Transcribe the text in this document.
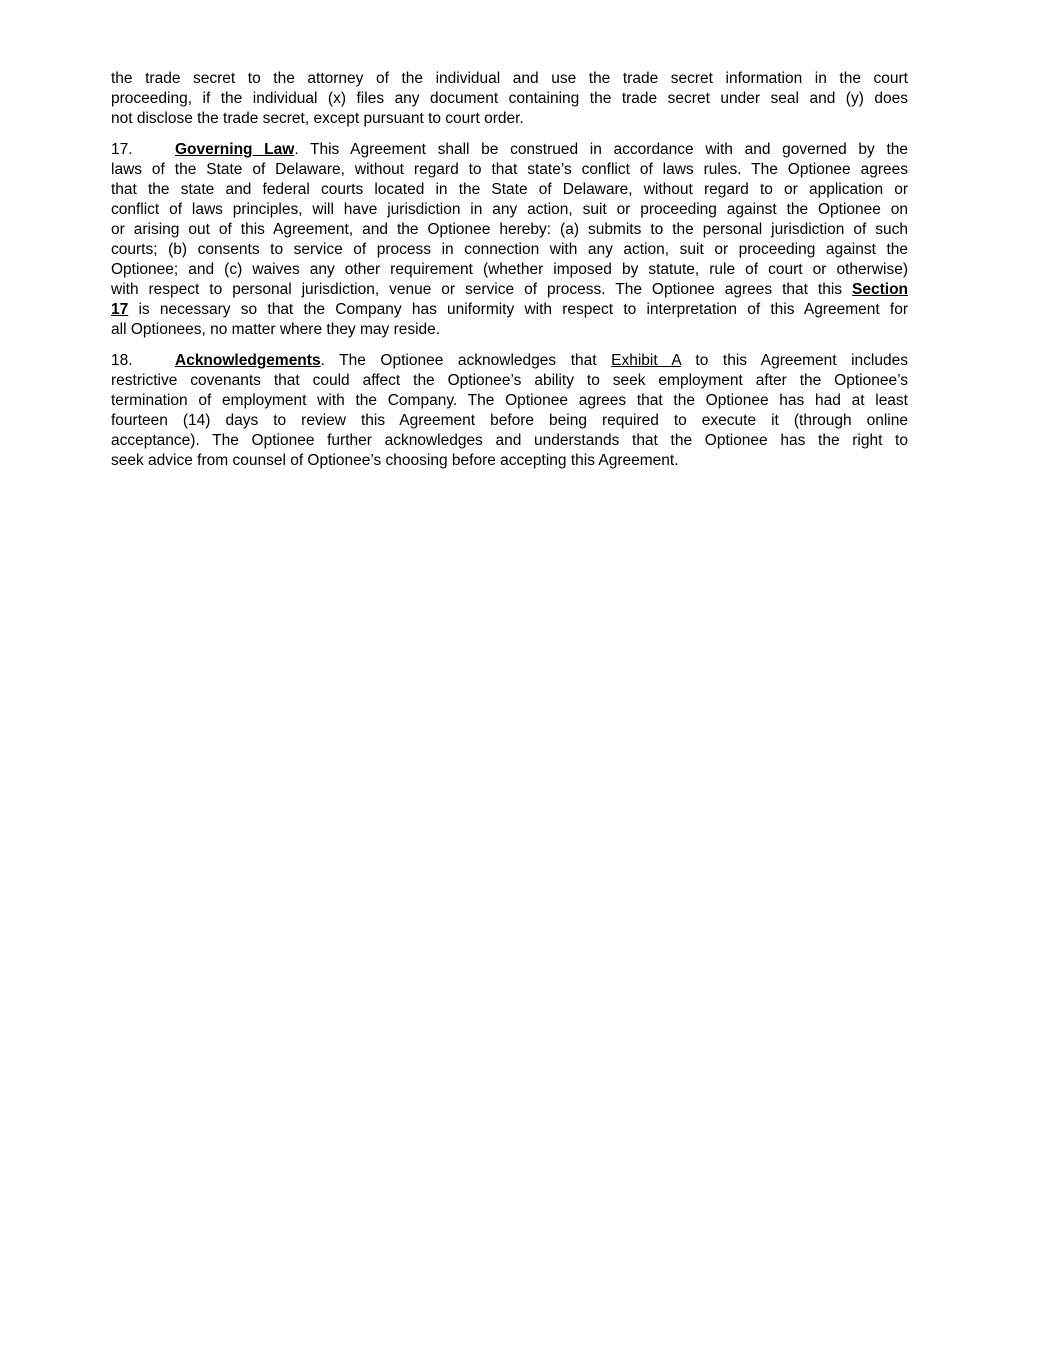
the trade secret to the attorney of the individual and use the trade secret information in the court
proceeding, if the individual (x) files any document containing the trade secret under seal and (y) does
not disclose the trade secret, except pursuant to court order.
17.	Governing Law. This Agreement shall be construed in accordance with and governed by the
laws of the State of Delaware, without regard to that state’s conflict of laws rules. The Optionee agrees
that the state and federal courts located in the State of Delaware, without regard to or application or
conflict of laws principles, will have jurisdiction in any action, suit or proceeding against the Optionee on
or arising out of this Agreement, and the Optionee hereby: (a) submits to the personal jurisdiction of such
courts; (b) consents to service of process in connection with any action, suit or proceeding against the
Optionee; and (c) waives any other requirement (whether imposed by statute, rule of court or otherwise)
with respect to personal jurisdiction, venue or service of process. The Optionee agrees that this Section
17 is necessary so that the Company has uniformity with respect to interpretation of this Agreement for
all Optionees, no matter where they may reside.
18.	Acknowledgements. The Optionee acknowledges that Exhibit A to this Agreement includes
restrictive covenants that could affect the Optionee’s ability to seek employment after the Optionee’s
termination of employment with the Company. The Optionee agrees that the Optionee has had at least
fourteen (14) days to review this Agreement before being required to execute it (through online
acceptance). The Optionee further acknowledges and understands that the Optionee has the right to
seek advice from counsel of Optionee’s choosing before accepting this Agreement.
